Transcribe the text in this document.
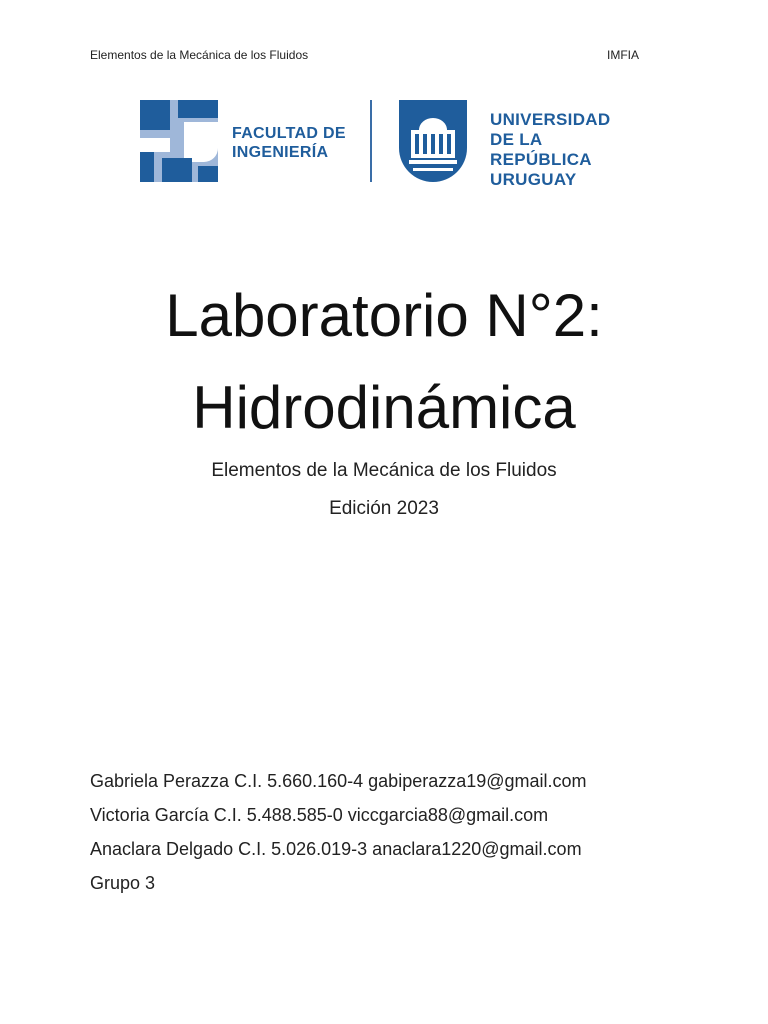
Elementos de la Mecánica de los Fluidos	IMFIA
FACULTAD DE
INGENIERÍA
UNIVERSIDAD
DE LA REPÚBLICA
URUGUAY
Laboratorio N°2:
Hidrodinámica
Elementos de la Mecánica de los Fluidos
Edición 2023
Gabriela Perazza C.I. 5.660.160-4 gabiperazza19@gmail.com
Victoria García C.I. 5.488.585-0 viccgarcia88@gmail.com
Anaclara Delgado C.I. 5.026.019-3 anaclara1220@gmail.com
Grupo 3
